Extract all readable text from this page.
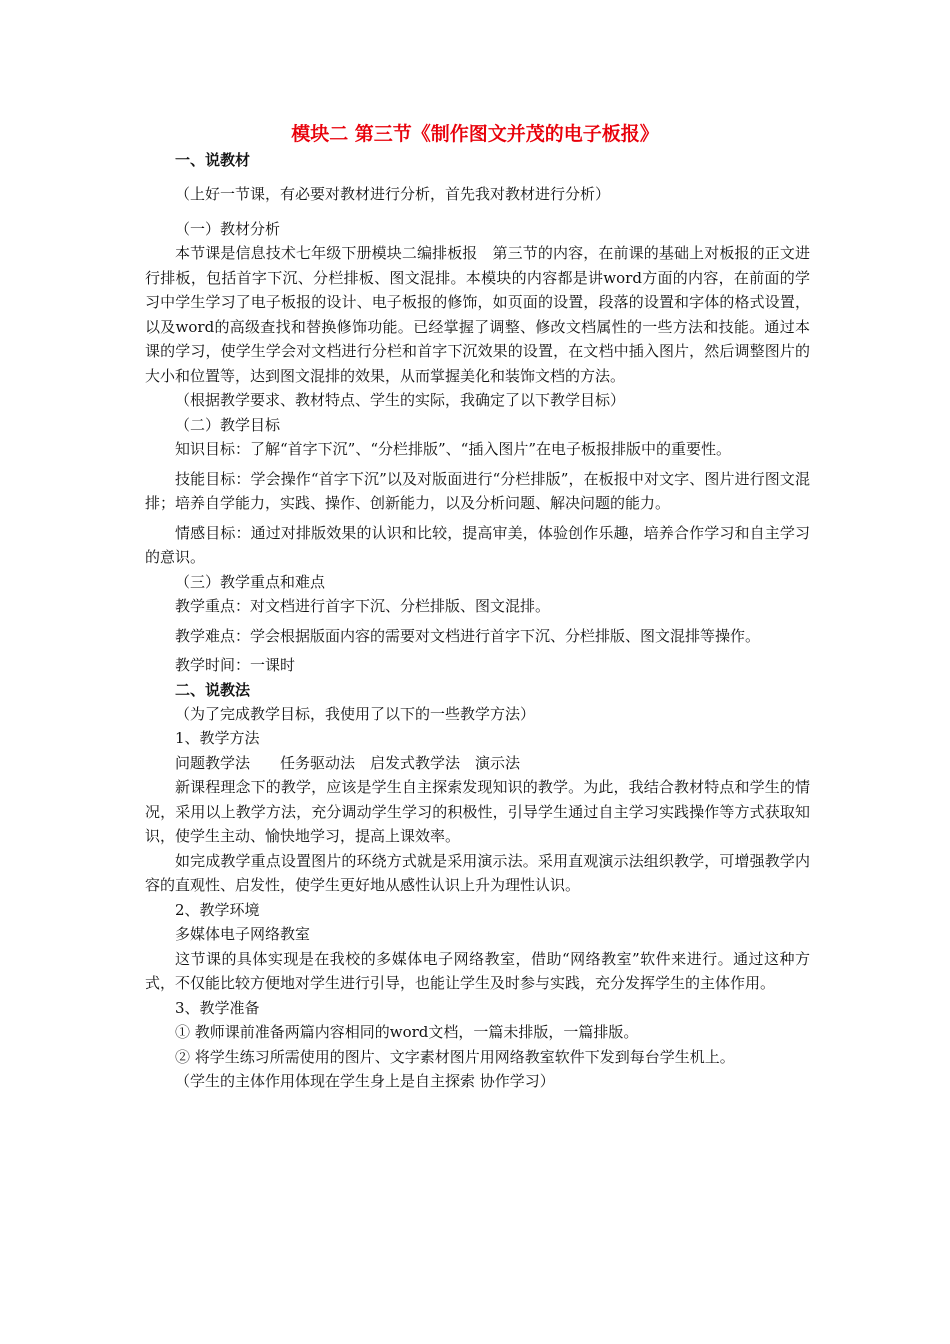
模块二 第三节《制作图文并茂的电子板报》

一、说教材

（上好一节课，有必要对教材进行分析，首先我对教材进行分析）

（一）教材分析

本节课是信息技术七年级下册模块二编排板报　第三节的内容，在前课的基础上对板报的正文进行排板，包括首字下沉、分栏排板、图文混排。本模块的内容都是讲word方面的内容，在前面的学习中学生学习了电子板报的设计、电子板报的修饰，如页面的设置，段落的设置和字体的格式设置，以及word的高级查找和替换修饰功能。已经掌握了调整、修改文档属性的一些方法和技能。通过本课的学习，使学生学会对文档进行分栏和首字下沉效果的设置，在文档中插入图片，然后调整图片的大小和位置等，达到图文混排的效果，从而掌握美化和装饰文档的方法。

（根据教学要求、教材特点、学生的实际，我确定了以下教学目标）

（二）教学目标

知识目标：了解“首字下沉”、“分栏排版”、“插入图片”在电子板报排版中的重要性。

技能目标：学会操作“首字下沉”以及对版面进行“分栏排版”，在板报中对文字、图片进行图文混排；培养自学能力，实践、操作、创新能力，以及分析问题、解决问题的能力。

情感目标：通过对排版效果的认识和比较，提高审美，体验创作乐趣，培养合作学习和自主学习的意识。

（三）教学重点和难点

教学重点：对文档进行首字下沉、分栏排版、图文混排。

教学难点：学会根据版面内容的需要对文档进行首字下沉、分栏排版、图文混排等操作。

教学时间：一课时

二、说教法

（为了完成教学目标，我使用了以下的一些教学方法）

1、教学方法

问题教学法　　任务驱动法　启发式教学法　演示法

新课程理念下的教学，应该是学生自主探索发现知识的教学。为此，我结合教材特点和学生的情况，采用以上教学方法，充分调动学生学习的积极性，引导学生通过自主学习实践操作等方式获取知识，使学生主动、愉快地学习，提高上课效率。

如完成教学重点设置图片的环绕方式就是采用演示法。采用直观演示法组织教学，可增强教学内容的直观性、启发性，使学生更好地从感性认识上升为理性认识。

2、教学环境

多媒体电子网络教室

这节课的具体实现是在我校的多媒体电子网络教室，借助“网络教室”软件来进行。通过这种方式，不仅能比较方便地对学生进行引导，也能让学生及时参与实践，充分发挥学生的主体作用。

3、教学准备

① 教师课前准备两篇内容相同的word文档，一篇未排版，一篇排版。

② 将学生练习所需使用的图片、文字素材图片用网络教室软件下发到每台学生机上。

（学生的主体作用体现在学生身上是自主探索 协作学习）
